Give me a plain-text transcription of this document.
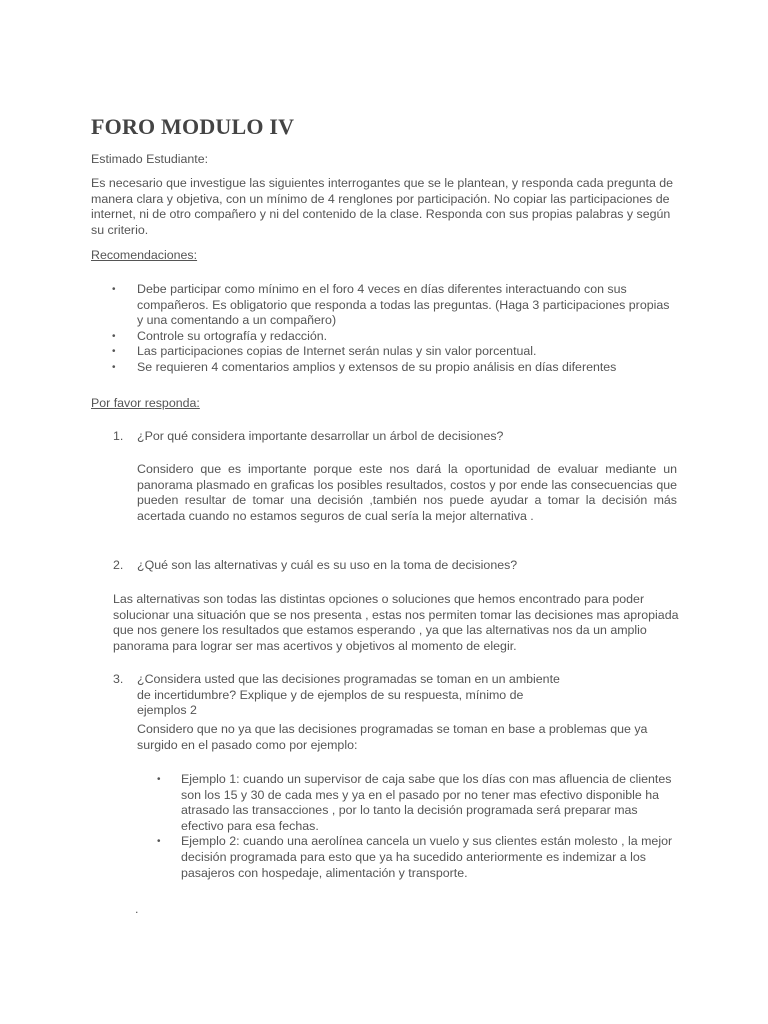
FORO MODULO IV

Estimado Estudiante:

Es necesario que investigue las siguientes interrogantes que se le plantean, y responda cada pregunta de manera clara y objetiva, con un mínimo de 4 renglones por participación. No copiar las participaciones de internet, ni de otro compañero y ni del contenido de la clase. Responda con sus propias palabras y según su criterio.

Recomendaciones:

• Debe participar como mínimo en el foro 4 veces en días diferentes interactuando con sus compañeros. Es obligatorio que responda a todas las preguntas. (Haga 3 participaciones propias y una comentando a un compañero)
• Controle su ortografía y redacción.
• Las participaciones copias de Internet serán nulas y sin valor porcentual.
• Se requieren 4 comentarios amplios y extensos de su propio análisis en días diferentes

Por favor responda:

1. ¿Por qué considera importante desarrollar un árbol de decisiones?

Considero que es importante porque este nos dará la oportunidad de evaluar mediante un panorama plasmado en graficas los posibles resultados, costos y por ende las consecuencias que pueden resultar de tomar una decisión ,también nos puede ayudar a tomar la decisión más acertada cuando no estamos seguros de cual sería la mejor alternativa .

2. ¿Qué son las alternativas y cuál es su uso en la toma de decisiones?

Las alternativas son todas las distintas opciones o soluciones que hemos encontrado para poder solucionar una situación que se nos presenta , estas nos permiten tomar las decisiones mas apropiada que nos genere los resultados que estamos esperando , ya que las alternativas nos da un amplio panorama para lograr ser mas acertivos y objetivos al momento de elegir.

3. ¿Considera usted que las decisiones programadas se toman en un ambiente de incertidumbre? Explique y de ejemplos de su respuesta, mínimo de ejemplos 2

Considero que no ya que las decisiones programadas se toman en base a problemas que ya surgido en el pasado como por ejemplo:

• Ejemplo 1: cuando un supervisor de caja sabe que los días con mas afluencia de clientes son los 15 y 30 de cada mes y ya en el pasado por no tener mas efectivo disponible ha atrasado las transacciones , por lo tanto la decisión programada será preparar mas efectivo para esa fechas.
• Ejemplo 2: cuando una aerolínea cancela un vuelo y sus clientes están molesto , la mejor decisión programada para esto que ya ha sucedido anteriormente es indemizar a los pasajeros con hospedaje, alimentación y transporte.

.
